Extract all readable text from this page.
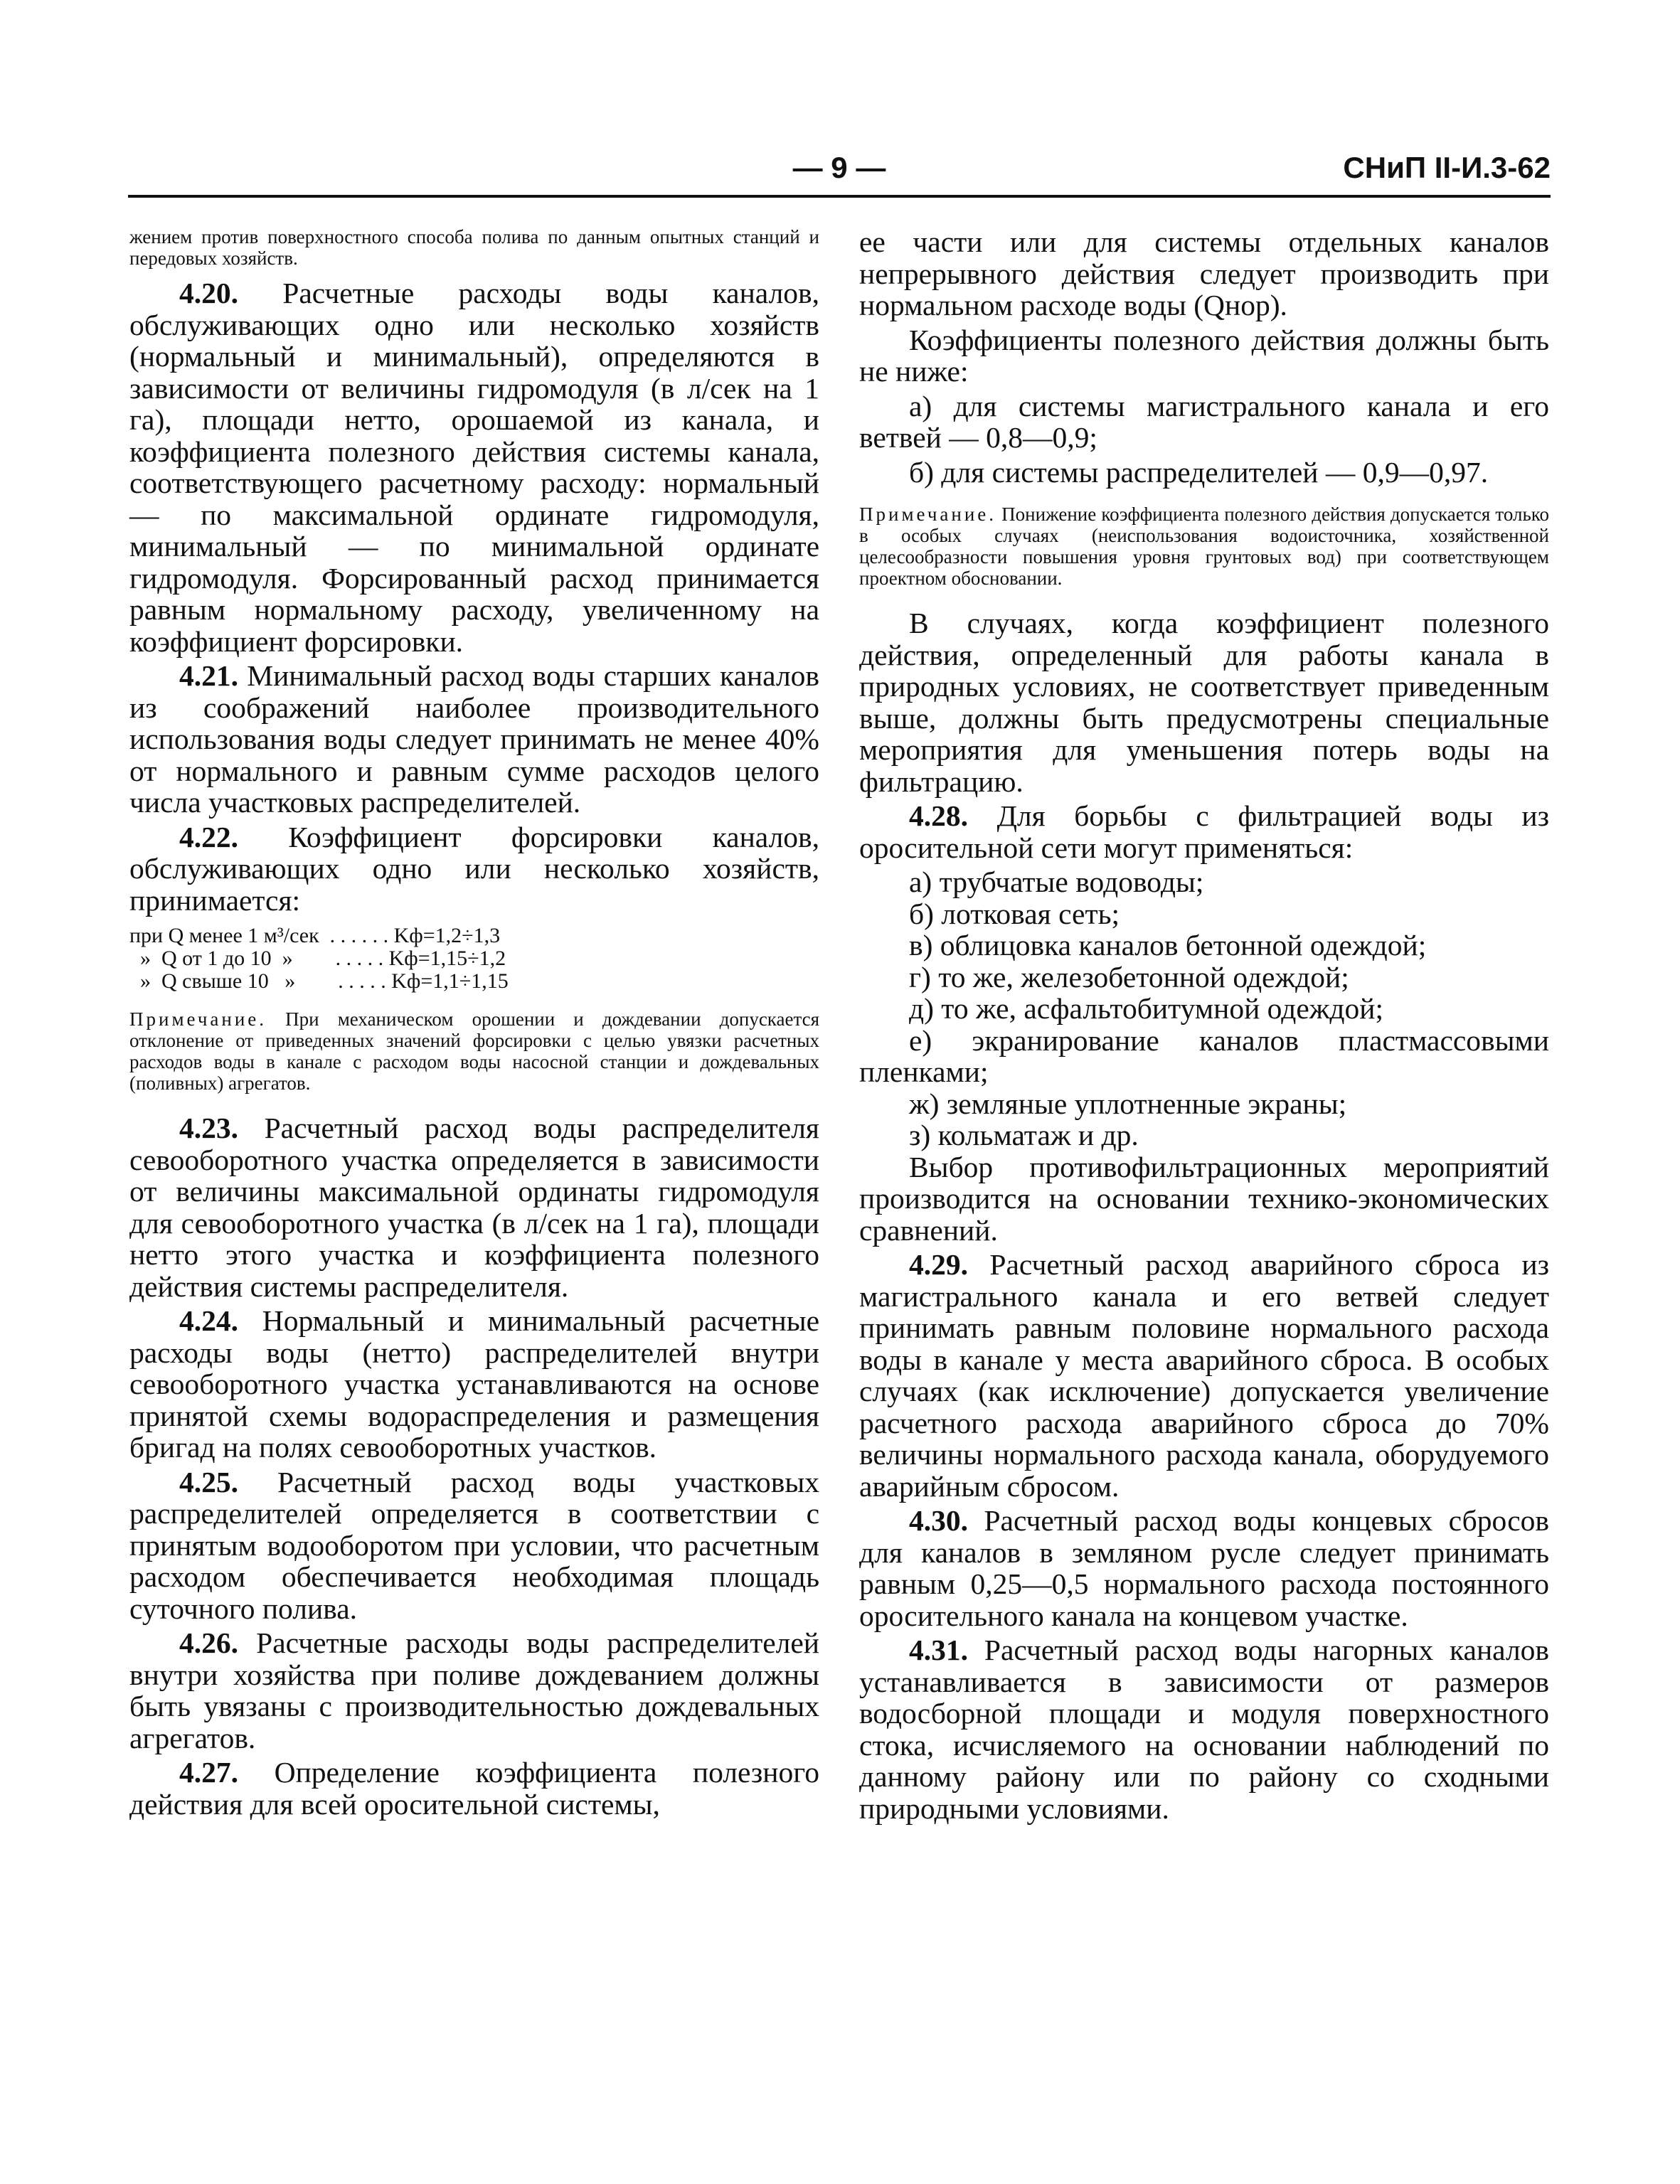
— 9 —	СНиП II-И.3-62

жением против поверхностного способа полива по данным опытных станций и передовых хозяйств.

4.20. Расчетные расходы воды каналов, обслуживающих одно или несколько хозяйств (нормальный и минимальный), определяются в зависимости от величины гидромодуля (в л/сек на 1 га), площади нетто, орошаемой из канала, и коэффициента полезного действия системы канала, соответствующего расчетному расходу: нормальный — по максимальной ординате гидромодуля, минимальный — по минимальной ординате гидромодуля. Форсированный расход принимается равным нормальному расходу, увеличенному на коэффициент форсировки.

4.21. Минимальный расход воды старших каналов из соображений наиболее производительного использования воды следует принимать не менее 40% от нормального и равным сумме расходов целого числа участковых распределителей.

4.22. Коэффициент форсировки каналов, обслуживающих одно или несколько хозяйств, принимается:

при Q менее 1 м³/сек  . . . . . . Kф=1,2÷1,3
»  Q от 1 до 10  »        . . . . . Kф=1,15÷1,2
»  Q свыше 10   »        . . . . . Kф=1,1÷1,15

Примечание. При механическом орошении и дождевании допускается отклонение от приведенных значений форсировки с целью увязки расчетных расходов воды в канале с расходом воды насосной станции и дождевальных (поливных) агрегатов.

4.23. Расчетный расход воды распределителя севооборотного участка определяется в зависимости от величины максимальной ординаты гидромодуля для севооборотного участка (в л/сек на 1 га), площади нетто этого участка и коэффициента полезного действия системы распределителя.

4.24. Нормальный и минимальный расчетные расходы воды (нетто) распределителей внутри севооборотного участка устанавливаются на основе принятой схемы водораспределения и размещения бригад на полях севооборотных участков.

4.25. Расчетный расход воды участковых распределителей определяется в соответствии с принятым водооборотом при условии, что расчетным расходом обеспечивается необходимая площадь суточного полива.

4.26. Расчетные расходы воды распределителей внутри хозяйства при поливе дождеванием должны быть увязаны с производительностью дождевальных агрегатов.

4.27. Определение коэффициента полезного действия для всей оросительной системы,

ее части или для системы отдельных каналов непрерывного действия следует производить при нормальном расходе воды (Qнор).

Коэффициенты полезного действия должны быть не ниже:

а) для системы магистрального канала и его ветвей — 0,8—0,9;

б) для системы распределителей — 0,9—0,97.

Примечание. Понижение коэффициента полезного действия допускается только в особых случаях (неиспользования водоисточника, хозяйственной целесообразности повышения уровня грунтовых вод) при соответствующем проектном обосновании.

В случаях, когда коэффициент полезного действия, определенный для работы канала в природных условиях, не соответствует приведенным выше, должны быть предусмотрены специальные мероприятия для уменьшения потерь воды на фильтрацию.

4.28. Для борьбы с фильтрацией воды из оросительной сети могут применяться:

а) трубчатые водоводы;

б) лотковая сеть;

в) облицовка каналов бетонной одеждой;

г) то же, железобетонной одеждой;

д) то же, асфальтобитумной одеждой;

е) экранирование каналов пластмассовыми пленками;

ж) земляные уплотненные экраны;

з) кольматаж и др.

Выбор противофильтрационных мероприятий производится на основании технико-экономических сравнений.

4.29. Расчетный расход аварийного сброса из магистрального канала и его ветвей следует принимать равным половине нормального расхода воды в канале у места аварийного сброса. В особых случаях (как исключение) допускается увеличение расчетного расхода аварийного сброса до 70% величины нормального расхода канала, оборудуемого аварийным сбросом.

4.30. Расчетный расход воды концевых сбросов для каналов в земляном русле следует принимать равным 0,25—0,5 нормального расхода постоянного оросительного канала на концевом участке.

4.31. Расчетный расход воды нагорных каналов устанавливается в зависимости от размеров водосборной площади и модуля поверхностного стока, исчисляемого на основании наблюдений по данному району или по району со сходными природными условиями.
